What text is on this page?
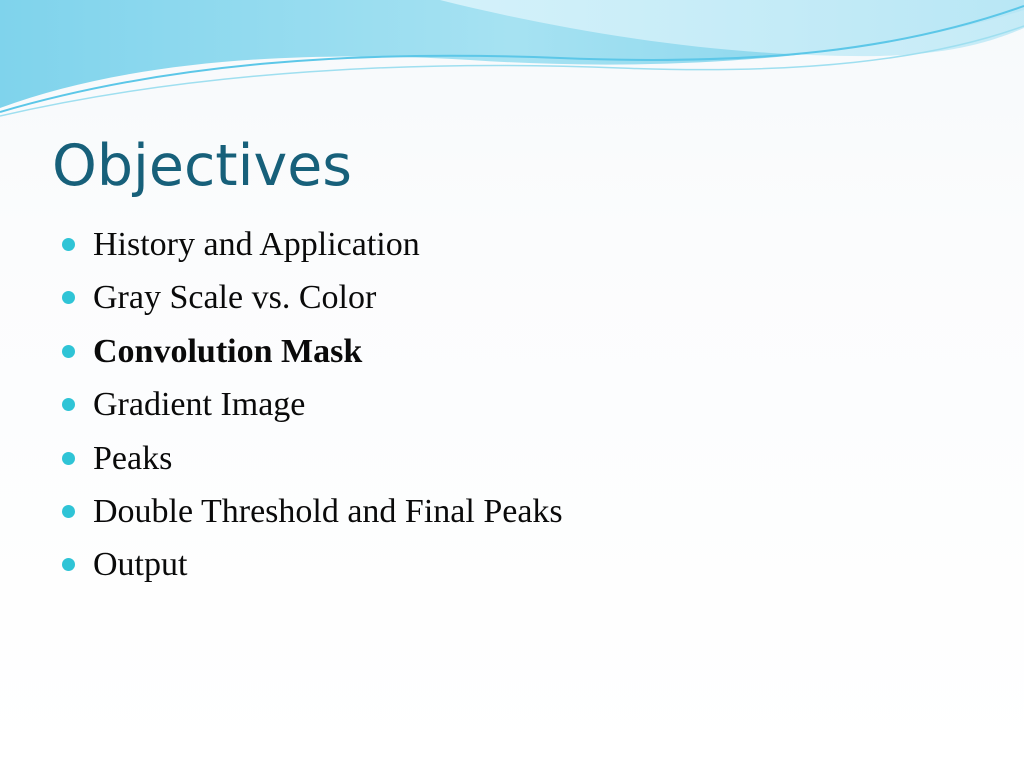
Objectives
History and Application
Gray Scale vs. Color
Convolution Mask
Gradient Image
Peaks
Double Threshold and Final Peaks
Output
